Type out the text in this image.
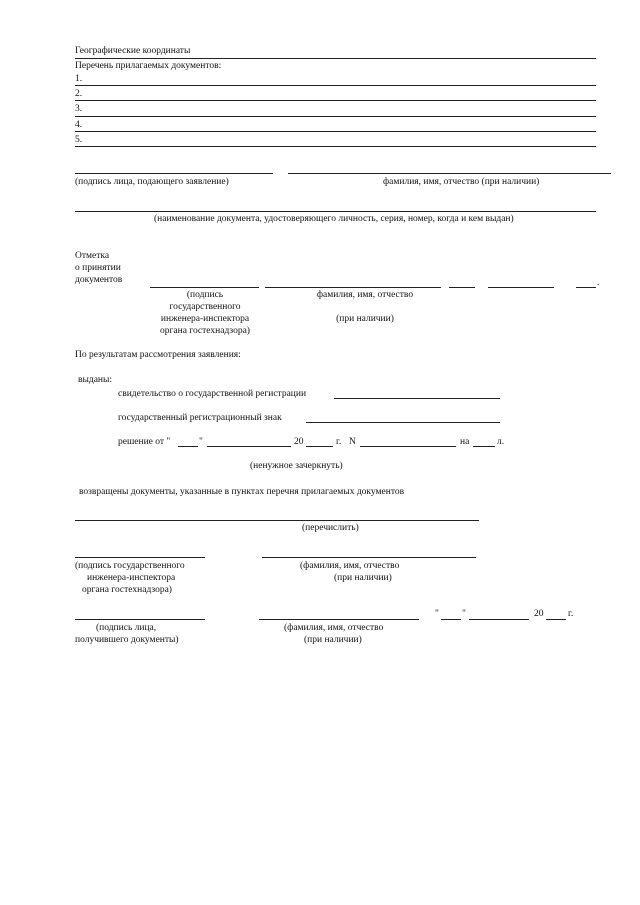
Географические координаты
Перечень прилагаемых документов:
1.
2.
3.
4.
5.
(подпись лица, подающего заявление)	фамилия, имя, отчество (при наличии)
(наименование документа, удостоверяющего личность, серия, номер, когда и кем выдан)
Отметка
о принятии
документов	.
(подпись
государственного
инженера-инспектора
органа гостехнадзора)
фамилия, имя, отчество
(при наличии)
По результатам рассмотрения заявления:
выданы:
свидетельство о государственной регистрации
государственный регистрационный знак
решение от "	"	20	г. N	на	л.
(ненужное зачеркнуть)
возвращены документы, указанные в пунктах перечня прилагаемых документов
(перечислить)
(подпись государственного
инженера-инспектора
органа гостехнадзора)
(фамилия, имя, отчество
(при наличии)
" "	20	г.
(подпись лица,
получившего документы)
(фамилия, имя, отчество
(при наличии)
